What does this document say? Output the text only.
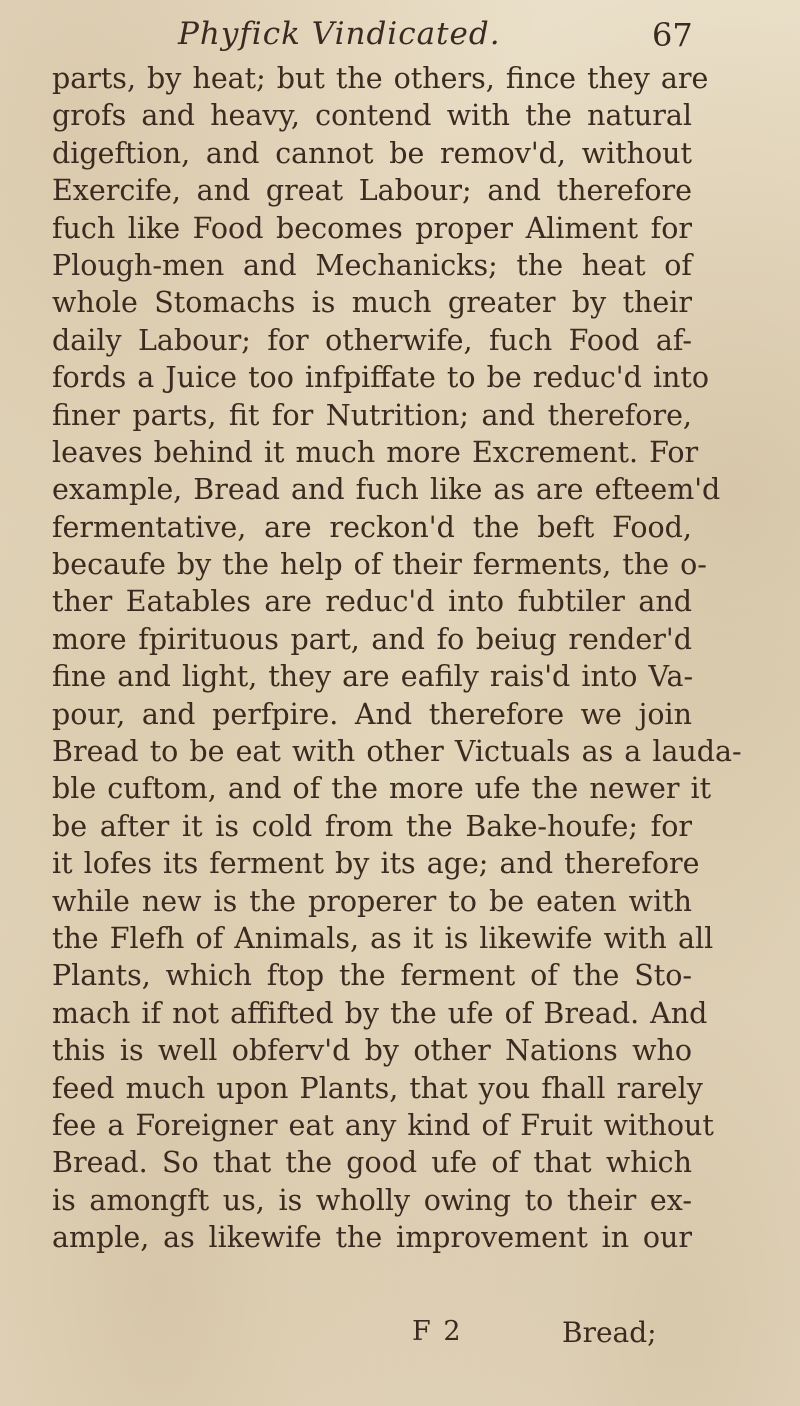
Phyfick Vindicated.	67
parts, by heat; but the others, fince they are
grofs and heavy, contend with the natural
digeftion, and cannot be remov'd, without
Exercife, and great Labour; and therefore
fuch like Food becomes proper Aliment for
Plough-men and Mechanicks; the heat of
whole Stomachs is much greater by their
daily Labour; for otherwife, fuch Food af-
fords a Juice too infpiffate to be reduc'd into
finer parts, fit for Nutrition; and therefore,
leaves behind it much more Excrement. For
example, Bread and fuch like as are efteem'd
fermentative, are reckon'd the beft Food,
becaufe by the help of their ferments, the o-
ther Eatables are reduc'd into fubtiler and
more fpirituous part, and fo beiug render'd
fine and light, they are eafily rais'd into Va-
pour, and perfpire. And therefore we join
Bread to be eat with other Victuals as a lauda-
ble cuftom, and of the more ufe the newer it
be after it is cold from the Bake-houfe; for
it lofes its ferment by its age; and therefore
while new is the properer to be eaten with
the Flefh of Animals, as it is likewife with all
Plants, which ftop the ferment of the Sto-
mach if not affifted by the ufe of Bread. And
this is well obferv'd by other Nations who
feed much upon Plants, that you fhall rarely
fee a Foreigner eat any kind of Fruit without
Bread. So that the good ufe of that which
is amongft us, is wholly owing to their ex-
ample, as likewife the improvement in our
F 2	Bread;
